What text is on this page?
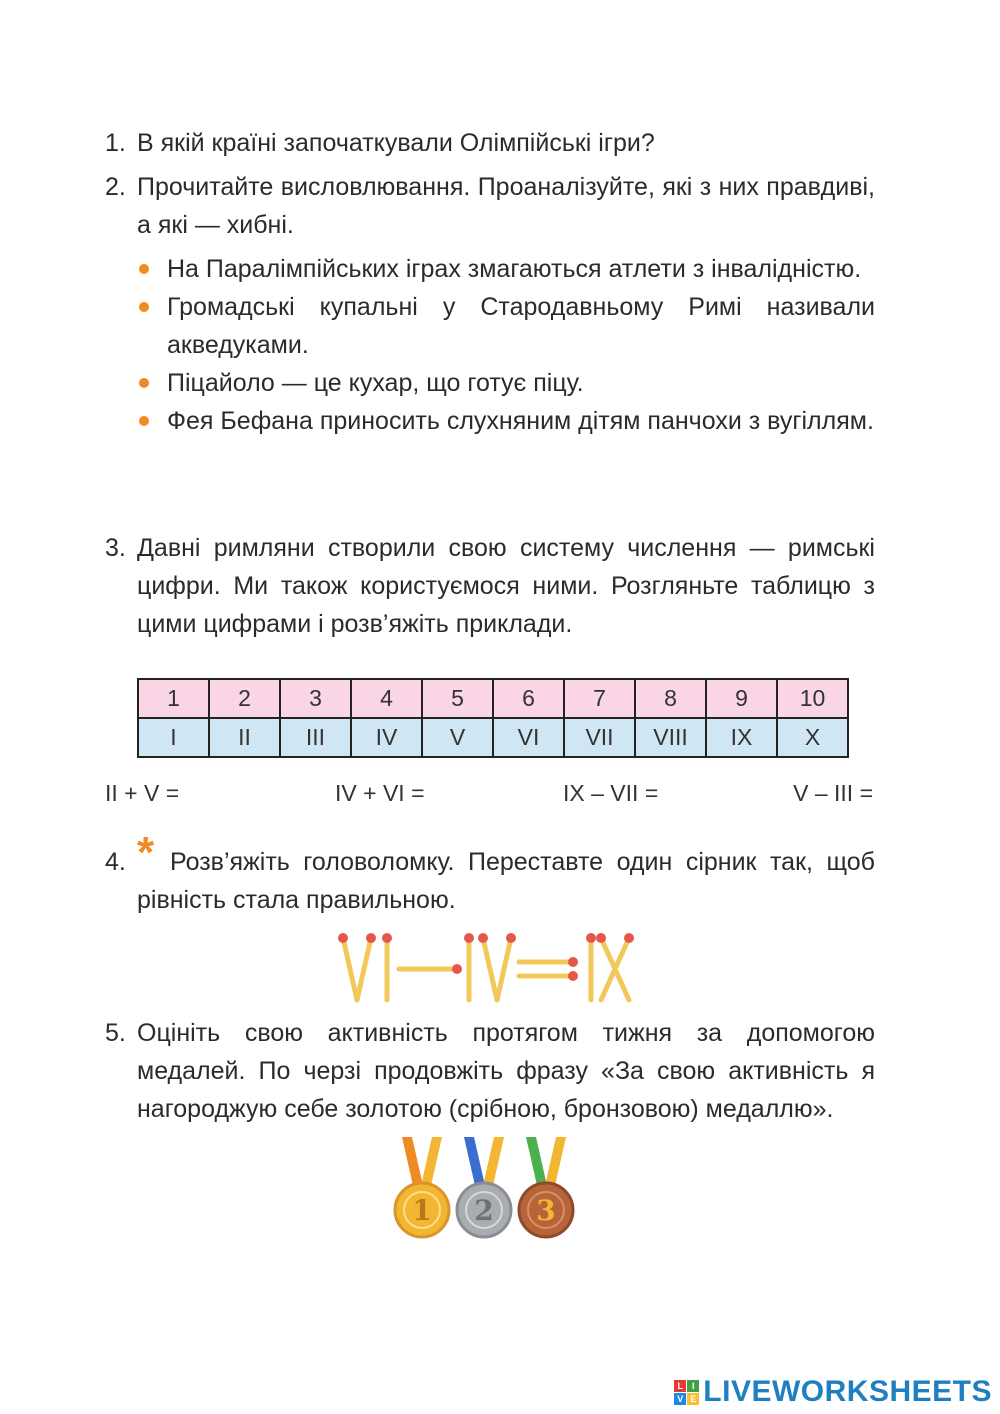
1. В якій країні започаткували Олімпійські ігри?
2. Прочитайте висловлювання. Проаналізуйте, які з них правдиві, а які — хибні.
На Паралімпійських іграх змагаються атлети з інвалідністю.
Громадські купальні у Стародавньому Римі називали акведуками.
Піцайоло — це кухар, що готує піцу.
Фея Бефана приносить слухняним дітям панчохи з вугіллям.
3. Давні римляни створили свою систему числення — римські цифри. Ми також користуємося ними. Розгляньте таблицю з цими цифрами і розв’яжіть приклади.
1	2	3	4	5	6	7	8	9	10
I	II	III	IV	V	VI	VII	VIII	IX	X
II + V =	IV + VI =	IX – VII =	V – III =
4.	Розв’яжіть головоломку. Переставте один сірник так, щоб рівність стала правильною.
*
5. Оцініть свою активність протягом тижня за допомогою медалей. По черзі продовжіть фразу «За свою активність я нагороджую себе золотою (срібною, бронзовою) медаллю».
1 2 3
L I
V E LIVEWORKSHEETS
